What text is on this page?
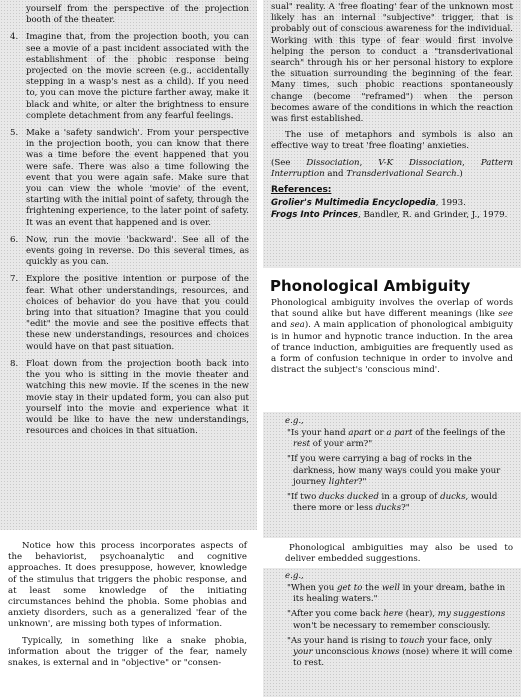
yourself from the perspective of the projection booth of the theater.

4. Imagine that, from the projection booth, you can see a movie of a past incident associated with the establishment of the phobic response being projected on the movie screen (e.g., accidentally stepping in a wasp's nest as a child). If you need to, you can move the picture farther away, make it black and white, or alter the brightness to ensure complete detachment from any fearful feelings.
5. Make a 'safety sandwich'. From your perspective in the projection booth, you can know that there was a time before the event happened that you were safe. There was also a time following the event that you were again safe. Make sure that you can view the whole 'movie' of the event, starting with the initial point of safety, through the frightening experience, to the later point of safety. It was an event that happened and is over.
6. Now, run the movie 'backward'. See all of the events going in reverse. Do this several times, as quickly as you can.
7. Explore the positive intention or purpose of the fear. What other understandings, resources, and choices of behavior do you have that you could bring into that situation? Imagine that you could "edit" the movie and see the positive effects that these new understandings, resources and choices would have on that past situation.
8. Float down from the projection booth back into the you who is sitting in the movie theater and watching this new movie. If the scenes in the new movie stay in their updated form, you can also put yourself into the movie and experience what it would be like to have the new understandings, resources and choices in that situation.

Notice how this process incorporates aspects of the behaviorist, psychoanalytic and cognitive approaches. It does presuppose, however, knowledge of the stimulus that triggers the phobic response, and at least some knowledge of the initiating circumstances behind the phobia. Some phobias and anxiety disorders, such as a generalized 'fear of the unknown', are missing both types of information.

Typically, in something like a snake phobia, information about the trigger of the fear, namely snakes, is external and in "objective" or "consen-

sual" reality. A 'free floating' fear of the unknown most likely has an internal "subjective" trigger, that is probably out of conscious awareness for the individual. Working with this type of fear would first involve helping the person to conduct a "transderivational search" through his or her personal history to explore the situation surrounding the beginning of the fear. Many times, such phobic reactions spontaneously change (become "reframed") when the person becomes aware of the conditions in which the reaction was first established.

The use of metaphors and symbols is also an effective way to treat 'free floating' anxieties.

(See Dissociation, V-K Dissociation, Pattern Interruption and Transderivational Search.)

References:

Grolier's Multimedia Encyclopedia, 1993.

Frogs Into Princes, Bandler, R. and Grinder, J., 1979.

Phonological Ambiguity

Phonological ambiguity involves the overlap of words that sound alike but have different meanings (like see and sea). A main application of phonological ambiguity is in humor and hypnotic trance induction. In the area of trance induction, ambiguities are frequently used as a form of confusion technique in order to involve and distract the subject's 'conscious mind'.

e.g.,

"Is your hand apart or a part of the feelings of the rest of your arm?"

"If you were carrying a bag of rocks in the darkness, how many ways could you make your journey lighter?"

"If two ducks ducked in a group of ducks, would there more or less ducks?"

Phonological ambiguities may also be used to deliver embedded suggestions.

e.g.,

"When you get to the well in your dream, bathe in its healing waters."

"After you come back here (hear), my suggestions won't be necessary to remember consciously.

"As your hand is rising to touch your face, only your unconscious knows (nose) where it will come to rest.
